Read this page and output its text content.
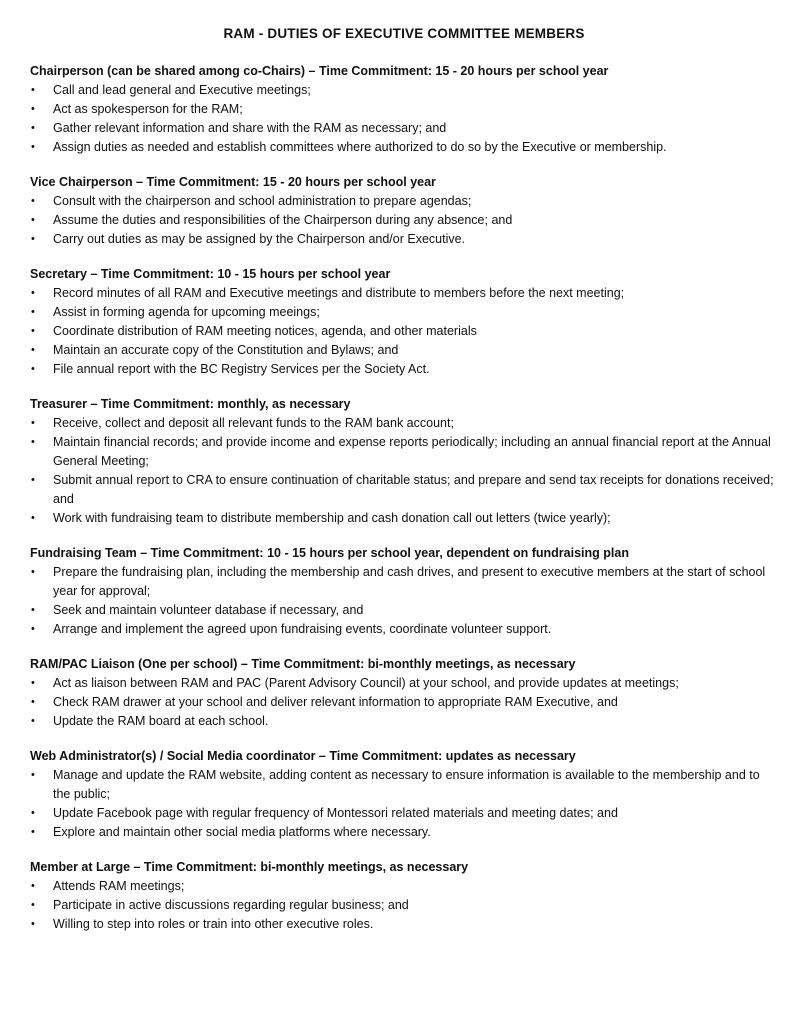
RAM - DUTIES OF EXECUTIVE COMMITTEE MEMBERS
Chairperson (can be shared among co-Chairs) – Time Commitment: 15 - 20 hours per school year
• Call and lead general and Executive meetings;
• Act as spokesperson for the RAM;
• Gather relevant information and share with the RAM as necessary; and
• Assign duties as needed and establish committees where authorized to do so by the Executive or membership.
Vice Chairperson – Time Commitment: 15 - 20 hours per school year
• Consult with the chairperson and school administration to prepare agendas;
• Assume the duties and responsibilities of the Chairperson during any absence; and
• Carry out duties as may be assigned by the Chairperson and/or Executive.
Secretary – Time Commitment: 10 - 15 hours per school year
• Record minutes of all RAM and Executive meetings and distribute to members before the next meeting;
• Assist in forming agenda for upcoming meeings;
• Coordinate distribution of RAM meeting notices, agenda, and other materials
• Maintain an accurate copy of the Constitution and Bylaws; and
• File annual report with the BC Registry Services per the Society Act.
Treasurer – Time Commitment: monthly, as necessary
• Receive, collect and deposit all relevant funds to the RAM bank account;
• Maintain financial records; and provide income and expense reports periodically; including an annual financial report at the Annual General Meeting;
• Submit annual report to CRA to ensure continuation of charitable status; and prepare and send tax receipts for donations received; and
• Work with fundraising team to distribute membership and cash donation call out letters (twice yearly);
Fundraising Team – Time Commitment: 10 - 15 hours per school year, dependent on fundraising plan
• Prepare the fundraising plan, including the membership and cash drives, and present to executive members at the start of school year for approval;
• Seek and maintain volunteer database if necessary, and
• Arrange and implement the agreed upon fundraising events, coordinate volunteer support.
RAM/PAC Liaison (One per school) – Time Commitment: bi-monthly meetings, as necessary
• Act as liaison between RAM and PAC (Parent Advisory Council) at your school, and provide updates at meetings;
• Check RAM drawer at your school and deliver relevant information to appropriate RAM Executive, and
• Update the RAM board at each school.
Web Administrator(s) / Social Media coordinator – Time Commitment: updates as necessary
• Manage and update the RAM website, adding content as necessary to ensure information is available to the membership and to the public;
• Update Facebook page with regular frequency of Montessori related materials and meeting dates; and
• Explore and maintain other social media platforms where necessary.
Member at Large – Time Commitment: bi-monthly meetings, as necessary
• Attends RAM meetings;
• Participate in active discussions regarding regular business; and
• Willing to step into roles or train into other executive roles.
